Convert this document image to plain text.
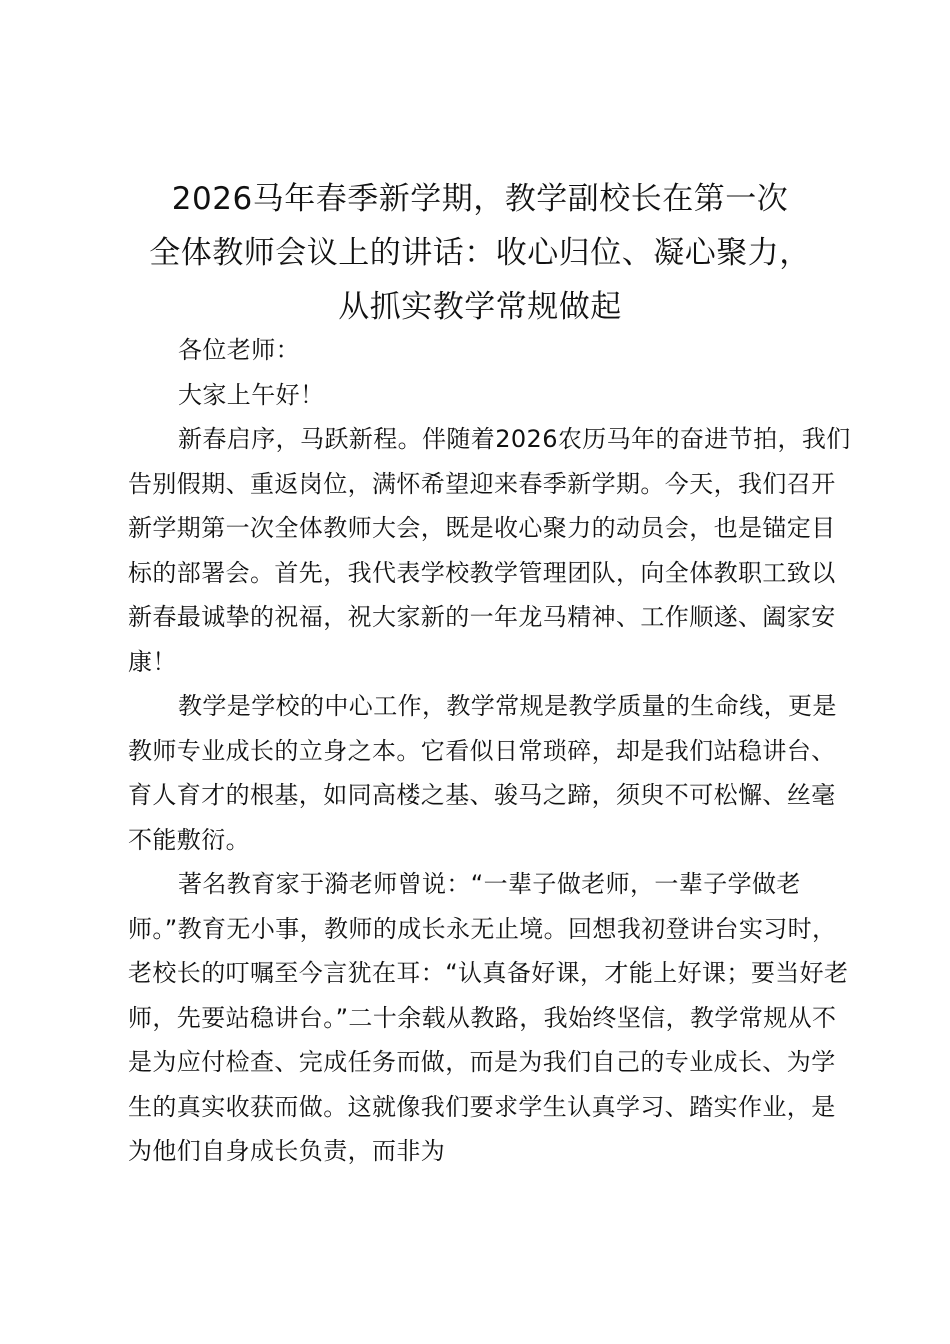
2026马年春季新学期，教学副校长在第一次
全体教师会议上的讲话：收心归位、凝心聚力，
从抓实教学常规做起

各位老师：

大家上午好！

新春启序，马跃新程。伴随着2026农历马年的奋进节拍，我们告别假期、重返岗位，满怀希望迎来春季新学期。今天，我们召开新学期第一次全体教师大会，既是收心聚力的动员会，也是锚定目标的部署会。首先，我代表学校教学管理团队，向全体教职工致以新春最诚挚的祝福，祝大家新的一年龙马精神、工作顺遂、阖家安康！

教学是学校的中心工作，教学常规是教学质量的生命线，更是教师专业成长的立身之本。它看似日常琐碎，却是我们站稳讲台、育人育才的根基，如同高楼之基、骏马之蹄，须臾不可松懈、丝毫不能敷衍。

著名教育家于漪老师曾说：“一辈子做老师，一辈子学做老师。”教育无小事，教师的成长永无止境。回想我初登讲台实习时，老校长的叮嘱至今言犹在耳：“认真备好课，才能上好课；要当好老师，先要站稳讲台。”二十余载从教路，我始终坚信，教学常规从不是为应付检查、完成任务而做，而是为我们自己的专业成长、为学生的真实收获而做。这就像我们要求学生认真学习、踏实作业，是为他们自身成长负责，而非为
